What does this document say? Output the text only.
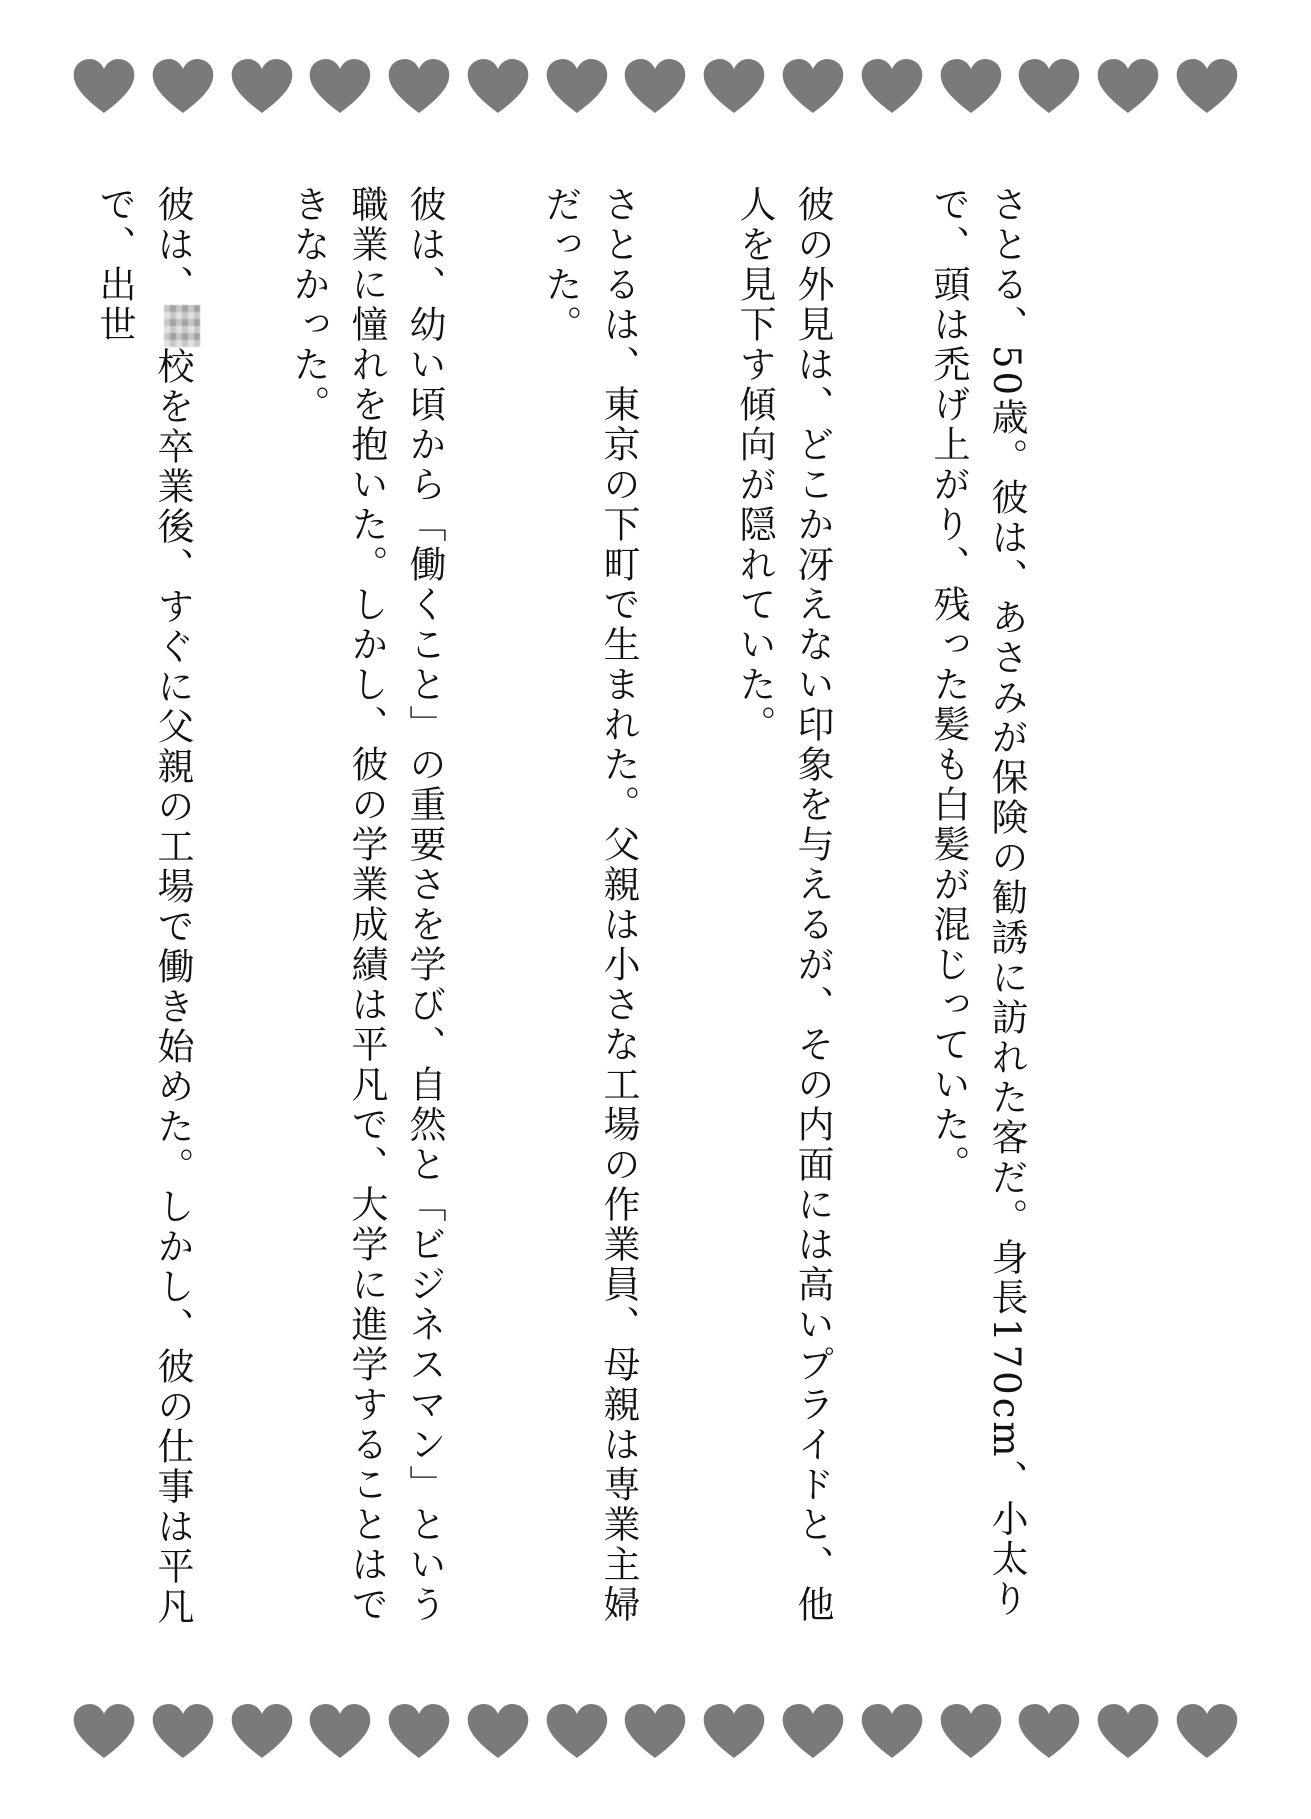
さとる、50歳。彼は、あさみが保険の勧誘に訪れた客だ。身長170cm、小太りで、頭は禿げ上がり、残った髪も白髪が混じっていた。

彼の外見は、どこか冴えない印象を与えるが、その内面には高いプライドと、他人を見下す傾向が隠れていた。

さとるは、東京の下町で生まれた。父親は小さな工場の作業員、母親は専業主婦だった。

彼は、幼い頃から「働くこと」の重要さを学び、自然と「ビジネスマン」という職業に憧れを抱いた。しかし、彼の学業成績は平凡で、大学に進学することはできなかった。

彼は、
校を卒業後、すぐに父親の工場で働き始めた。しかし、彼の仕事は平凡で、出世
